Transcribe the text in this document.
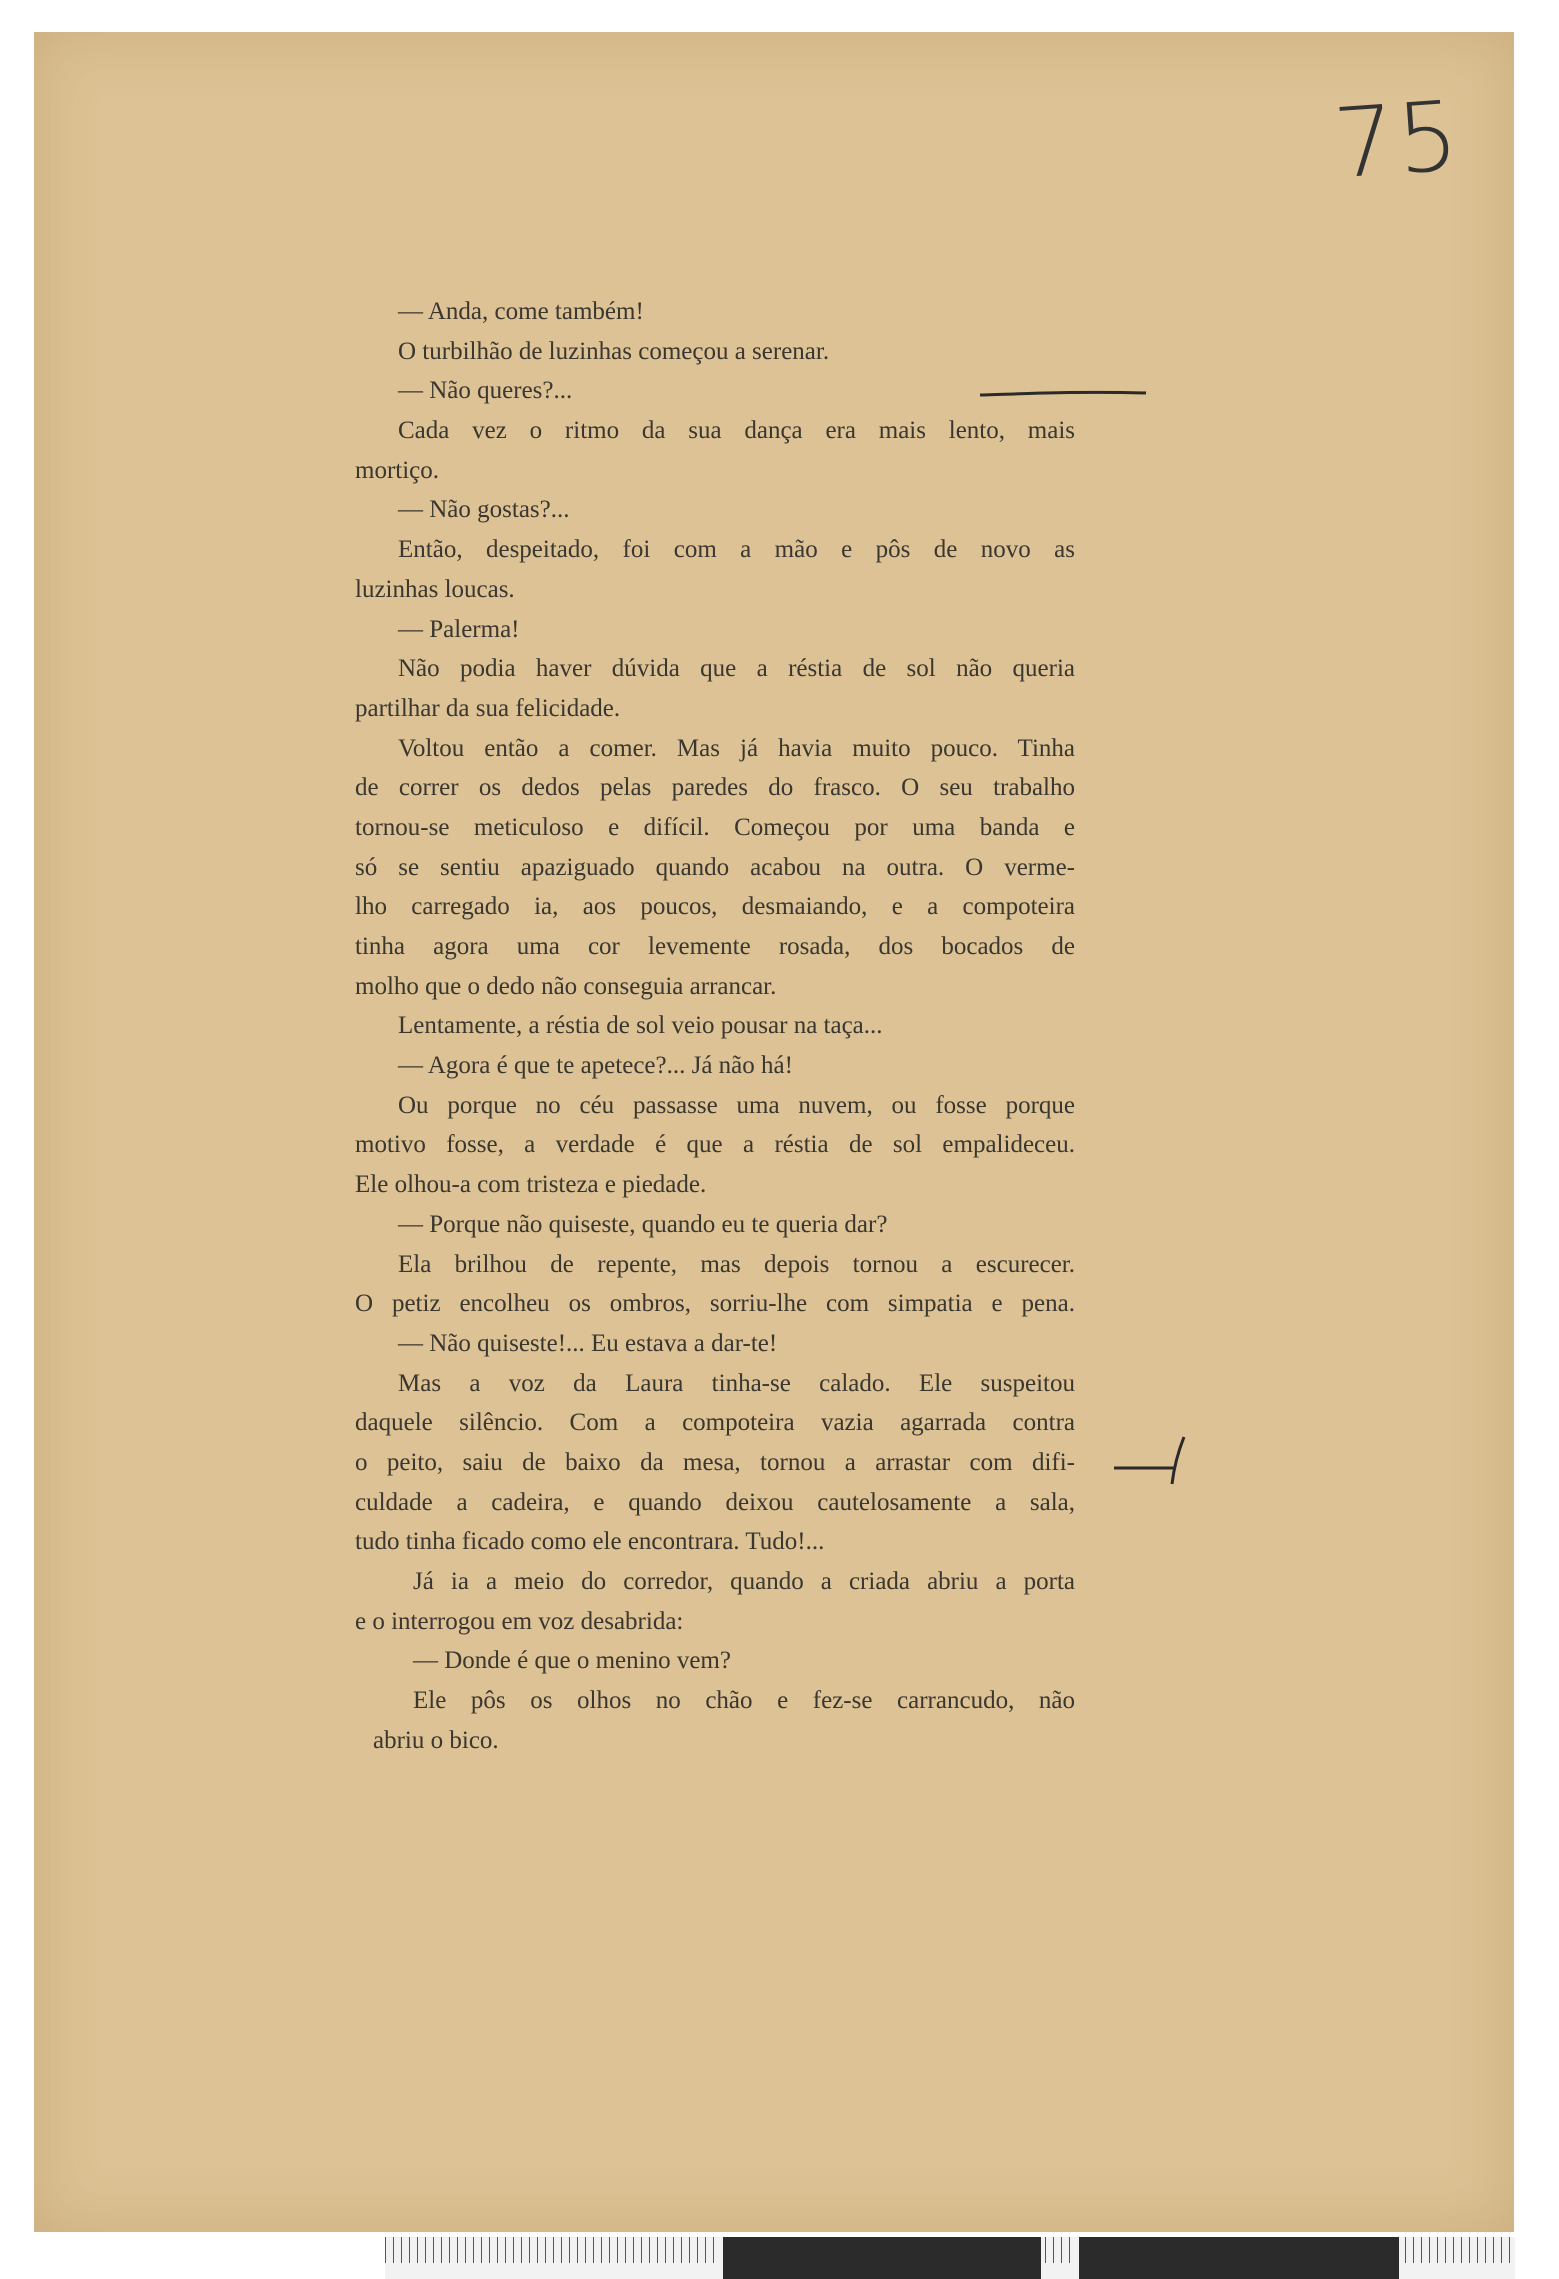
75
— Anda, come também!
O turbilhão de luzinhas começou a serenar.
— Não queres?...
Cada vez o ritmo da sua dança era mais lento, mais
mortiço.
— Não gostas?...
Então, despeitado, foi com a mão e pôs de novo as
luzinhas loucas.
— Palerma!
Não podia haver dúvida que a réstia de sol não queria
partilhar da sua felicidade.
Voltou então a comer. Mas já havia muito pouco. Tinha
de correr os dedos pelas paredes do frasco. O seu trabalho
tornou-se meticuloso e difícil. Começou por uma banda e
só se sentiu apaziguado quando acabou na outra. O verme-
lho carregado ia, aos poucos, desmaiando, e a compoteira
tinha agora uma cor levemente rosada, dos bocados de
molho que o dedo não conseguia arrancar.
Lentamente, a réstia de sol veio pousar na taça...
— Agora é que te apetece?... Já não há!
Ou porque no céu passasse uma nuvem, ou fosse porque
motivo fosse, a verdade é que a réstia de sol empalideceu.
Ele olhou-a com tristeza e piedade.
— Porque não quiseste, quando eu te queria dar?
Ela brilhou de repente, mas depois tornou a escurecer.
O petiz encolheu os ombros, sorriu-lhe com simpatia e pena.
— Não quiseste!... Eu estava a dar-te!
Mas a voz da Laura tinha-se calado. Ele suspeitou
daquele silêncio. Com a compoteira vazia agarrada contra
o peito, saiu de baixo da mesa, tornou a arrastar com difi-
culdade a cadeira, e quando deixou cautelosamente a sala,
tudo tinha ficado como ele encontrara. Tudo!...
Já ia a meio do corredor, quando a criada abriu a porta
e o interrogou em voz desabrida:
— Donde é que o menino vem?
Ele pôs os olhos no chão e fez-se carrancudo, não
abriu o bico.
